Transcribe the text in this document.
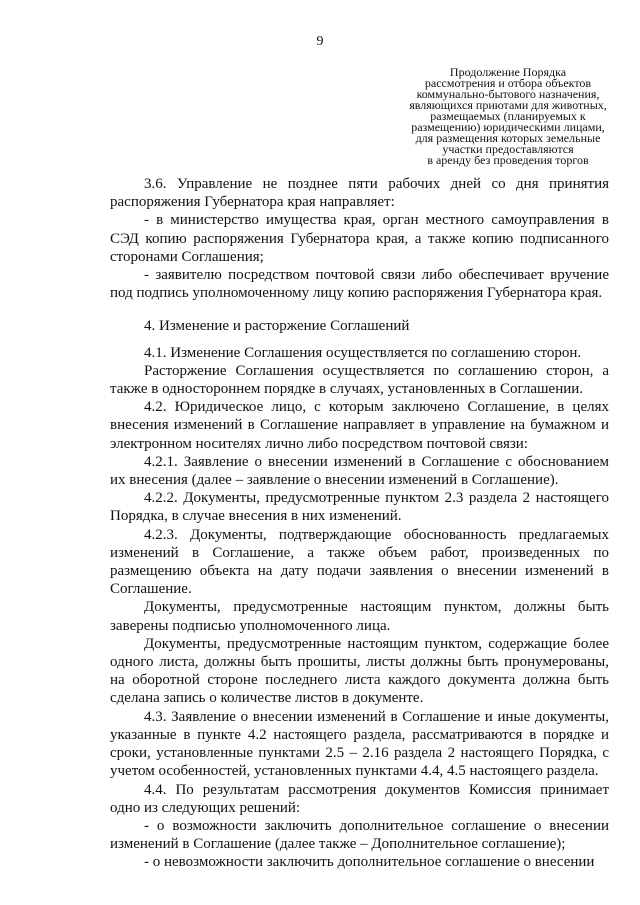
9
Продолжение Порядка
рассмотрения и отбора объектов
коммунально-бытового назначения,
являющихся приютами для животных,
размещаемых (планируемых к
размещению) юридическими лицами,
для размещения которых земельные
участки предоставляются
в аренду без проведения торгов

3.6. Управление не позднее пяти рабочих дней со дня принятия распоряжения Губернатора края направляет:

- в министерство имущества края, орган местного самоуправления в СЭД копию распоряжения Губернатора края, а также копию подписанного сторонами Соглашения;

- заявителю посредством почтовой связи либо обеспечивает вручение под подпись уполномоченному лицу копию распоряжения Губернатора края.

4. Изменение и расторжение Соглашений

4.1. Изменение Соглашения осуществляется по соглашению сторон.

Расторжение Соглашения осуществляется по соглашению сторон, а также в одностороннем порядке в случаях, установленных в Соглашении.

4.2. Юридическое лицо, с которым заключено Соглашение, в целях внесения изменений в Соглашение направляет в управление на бумажном и электронном носителях лично либо посредством почтовой связи:

4.2.1. Заявление о внесении изменений в Соглашение с обоснованием их внесения (далее – заявление о внесении изменений в Соглашение).

4.2.2. Документы, предусмотренные пунктом 2.3 раздела 2 настоящего Порядка, в случае внесения в них изменений.

4.2.3. Документы, подтверждающие обоснованность предлагаемых изменений в Соглашение, а также объем работ, произведенных по размещению объекта на дату подачи заявления о внесении изменений в Соглашение.

Документы, предусмотренные настоящим пунктом, должны быть заверены подписью уполномоченного лица.

Документы, предусмотренные настоящим пунктом, содержащие более одного листа, должны быть прошиты, листы должны быть пронумерованы, на оборотной стороне последнего листа каждого документа должна быть сделана запись о количестве листов в документе.

4.3. Заявление о внесении изменений в Соглашение и иные документы, указанные в пункте 4.2 настоящего раздела, рассматриваются в порядке и сроки, установленные пунктами 2.5 – 2.16 раздела 2 настоящего Порядка, с учетом особенностей, установленных пунктами 4.4, 4.5 настоящего раздела.

4.4. По результатам рассмотрения документов Комиссия принимает одно из следующих решений:

- о возможности заключить дополнительное соглашение о внесении изменений в Соглашение (далее также – Дополнительное соглашение);

- о невозможности заключить дополнительное соглашение о внесении
